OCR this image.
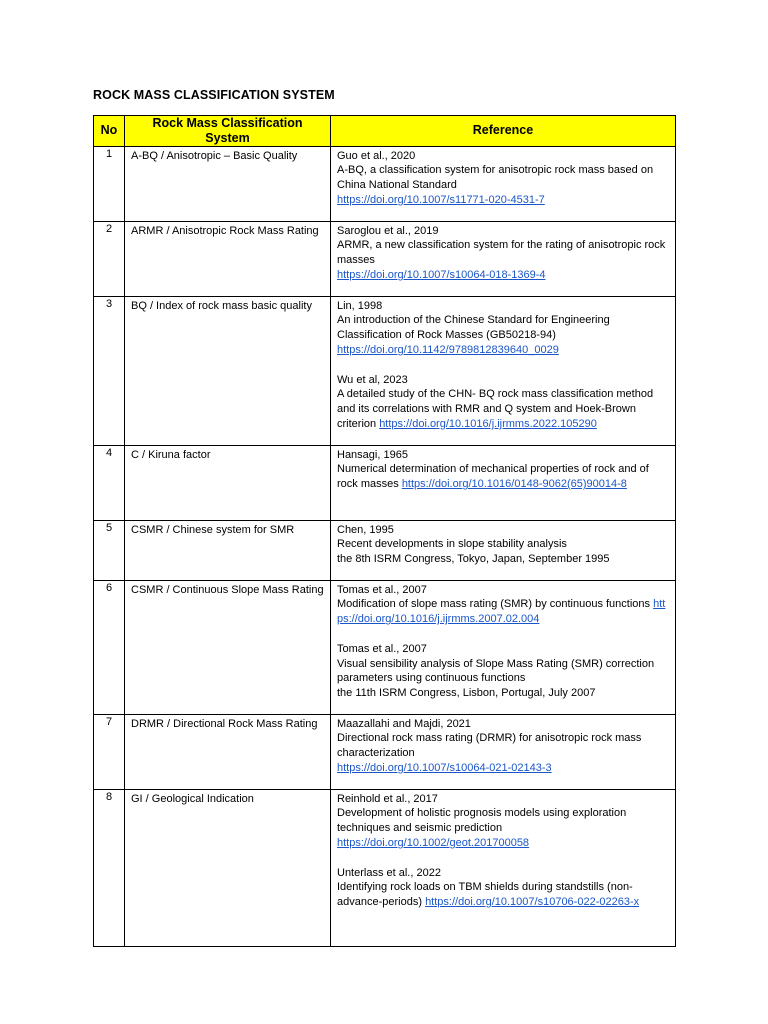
ROCK MASS CLASSIFICATION SYSTEM
No	Rock Mass Classification System	Reference
1	A-BQ / Anisotropic – Basic Quality	Guo et al., 2020
A-BQ, a classification system for anisotropic rock mass based on China National Standard
https://doi.org/10.1007/s11771-020-4531-7

2	ARMR / Anisotropic Rock Mass Rating	Saroglou et al., 2019
ARMR, a new classification system for the rating of anisotropic rock masses
https://doi.org/10.1007/s10064-018-1369-4

3	BQ / Index of rock mass basic quality	Lin, 1998
An introduction of the Chinese Standard for Engineering Classification of Rock Masses (GB50218-94)
https://doi.org/10.1142/9789812839640_0029
Wu et al, 2023
A detailed study of the CHN- BQ rock mass classification method and its correlations with RMR and Q system and Hoek-Brown criterion https://doi.org/10.1016/j.ijrmms.2022.105290

4	C / Kiruna factor	Hansagi, 1965
Numerical determination of mechanical properties of rock and of rock masses https://doi.org/10.1016/0148-9062(65)90014-8

5	CSMR / Chinese system for SMR	Chen, 1995
Recent developments in slope stability analysis
the 8th ISRM Congress, Tokyo, Japan, September 1995

6	CSMR / Continuous Slope Mass Rating	Tomas et al., 2007
Modification of slope mass rating (SMR) by continuous functions https://doi.org/10.1016/j.ijrmms.2007.02.004
Tomas et al., 2007
Visual sensibility analysis of Slope Mass Rating (SMR) correction parameters using continuous functions
the 11th ISRM Congress, Lisbon, Portugal, July 2007

7	DRMR / Directional Rock Mass Rating	Maazallahi and Majdi, 2021
Directional rock mass rating (DRMR) for anisotropic rock mass characterization
https://doi.org/10.1007/s10064-021-02143-3

8	GI / Geological Indication	Reinhold et al., 2017
Development of holistic prognosis models using exploration techniques and seismic prediction
https://doi.org/10.1002/geot.201700058
Unterlass et al., 2022
Identifying rock loads on TBM shields during standstills (non-advance-periods) https://doi.org/10.1007/s10706-022-02263-x
